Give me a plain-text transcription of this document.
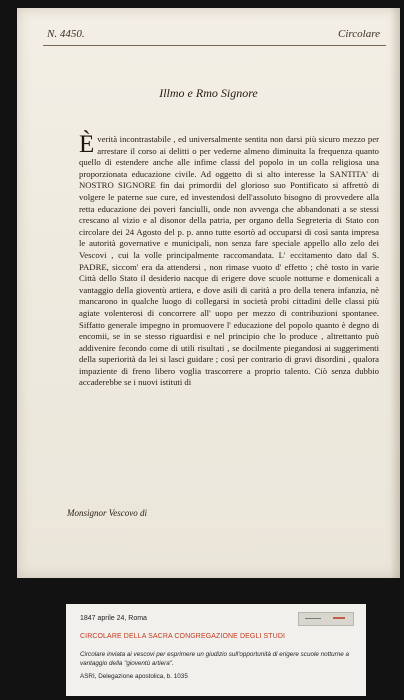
N. 4450.	Circolare
Illmo e Rmo Signore
È verità incontrastabile , ed universalmente sentita non darsi più sicuro mezzo per arrestare il corso ai delitti o per vederne almeno diminuita la frequenza quanto quello di estendere anche alle infime classi del popolo in un colla religiosa una proporzionata educazione civile. Ad oggetto di si alto interesse la SANTITA' di NOSTRO SIGNORE fin dai primordii del glorioso suo Pontificato si affrettò di volgere le paterne sue cure, ed investendosi dell'assoluto bisogno di provvedere alla retta educazione dei poveri fanciulli, onde non avvenga che abbandonati a se stessi crescano al vizio e al disonor della patria, per organo della Segreteria di Stato con circolare dei 24 Agosto del p. p. anno tutte esortò ad occuparsi di così santa impresa le autorità governative e municipali, non senza fare speciale appello allo zelo dei Vescovi , cui la volle principalmente raccomandata. L' eccitamento dato dal S. PADRE, siccom' era da attendersi , non rimase vuoto d' effetto ; chè tosto in varie Città dello Stato il desiderio nacque di erigere dove scuole notturne e domenicali a vantaggio della gioventù artiera, e dove asili di carità a pro della tenera infanzia, nè mancarono in qualche luogo di collegarsi in società probi cittadini delle classi più agiate volenterosi di concorrere all' uopo per mezzo di contribuzioni spontanee. Siffatto generale impegno in promuovere l' educazione del popolo quanto è degno di encomii, se in se stesso riguardisi e nel principio che lo produce , altrettanto può addivenire fecondo come di utili risultati , se docilmente piegandosi ai suggerimenti della superiorità da lei si lasci guidare ; così per contrario di gravi disordini , qualora impaziente di freno libero voglia trascorrere a proprio talento. Ciò senza dubbio accaderebbe se i nuovi istituti di
Monsignor Vescovo di
1847 aprile 24, Roma
CIRCOLARE DELLA SACRA CONGREGAZIONE DEGLI STUDI
Circolare inviata ai vescovi per esprimere un giudizio sull'opportunità di erigere scuole notturne a vantaggio della "gioventù artiera".
ASRI, Delegazione apostolica, b. 1035
